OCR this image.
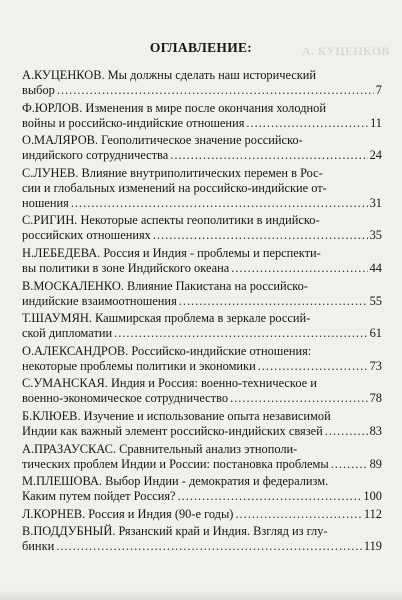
А. КУЦЕНКОВ
ОГЛАВЛЕНИЕ:
А.КУЦЕНКОВ. Мы должны сделать наш исторический
выбор .....	7
Ф.ЮРЛОВ. Изменения в мире после окончания холодной
войны и российско-индийские отношения .....	11
О.МАЛЯРОВ. Геополитическое значение российско-
индийского сотрудничества .....	24
С.ЛУНЕВ. Влияние внутриполитических перемен в Рос-
сии и глобальных изменений на российско-индийские от-
ношения .....	31
С.РИГИН. Некоторые аспекты геополитики в индийско-
российских отношениях .....	35
Н.ЛЕБЕДЕВА. Россия и Индия - проблемы и перспекти-
вы политики в зоне Индийского океана .....	44
В.МОСКАЛЕНКО. Влияние Пакистана на российско-
индийские взаимоотношения .....	55
Т.ШАУМЯН. Кашмирская проблема в зеркале россий-
ской дипломатии .....	61
О.АЛЕКСАНДРОВ. Российско-индийские отношения:
некоторые проблемы политики и экономики .....	73
С.УМАНСКАЯ. Индия и Россия: военно-техническое и
военно-экономическое сотрудничество .....	78
Б.КЛЮЕВ. Изучение и использование опыта независимой
Индии как важный элемент российско-индийских связей .....	83
А.ПРАЗАУСКАС. Сравнительный анализ этнополи-
тических проблем Индии и России: постановка проблемы .....	89
М.ПЛЕШОВА. Выбор Индии - демократия и федерализм.
Каким путем пойдет Россия? .....	100
Л.КОРНЕВ. Россия и Индия (90-е годы) .....	112
В.ПОДДУБНЫЙ. Рязанский край и Индия. Взгляд из глу-
бинки .....	119
